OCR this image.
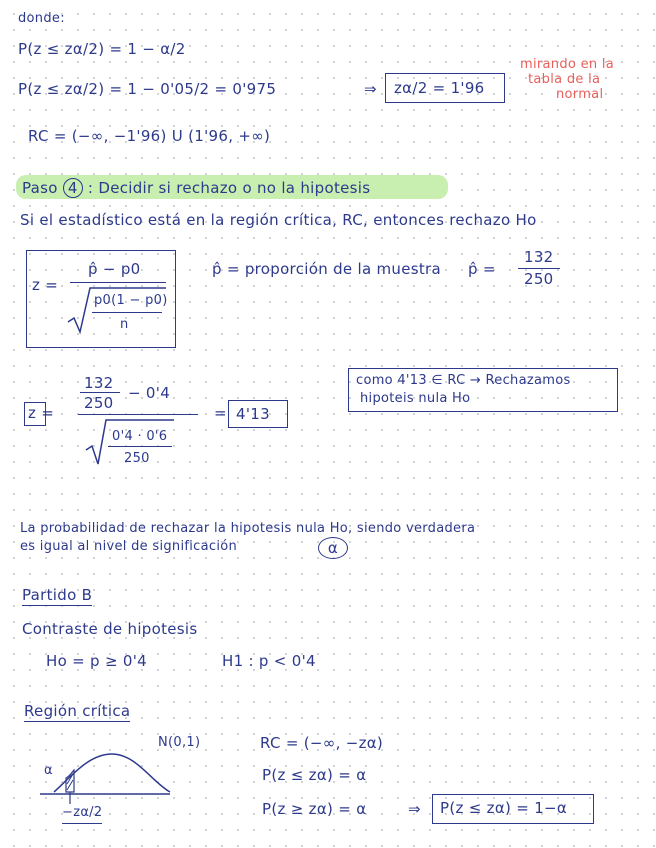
donde:
P(z ≤ zα/2) = 1 − α/2
P(z ≤ zα/2) = 1 − 0'05/2 = 0'975	⇒ zα/2 = 1'96
mirando en la
tabla de la
normal
RC = (−∞, −1'96) U (1'96, +∞)
Paso 4 : Decidir si rechazo o no la hipotesis
Si el estadístico está en la región crítica, RC, entonces rechazo Ho
z =
p̂ − p0
p0(1 − p0)
n
p̂ = proporción de la muestra p̂ =
132
250
z =
132
250
− 0'4
0'4 · 0'6
250
= 4'13
como 4'13 ∈ RC → Rechazamos
hipoteis nula Ho
La probabilidad de rechazar la hipotesis nula Ho, siendo verdadera
es igual al nivel de significación	α
Partido B
Contraste de hipotesis
Ho = p ≥ 0'4	H1 : p < 0'4
Región crítica
N(0,1)
α
−zα/2
RC = (−∞, −zα)
P(z ≤ zα) = α
P(z ≥ zα) = α	⇒ P(z ≤ zα) = 1−α
